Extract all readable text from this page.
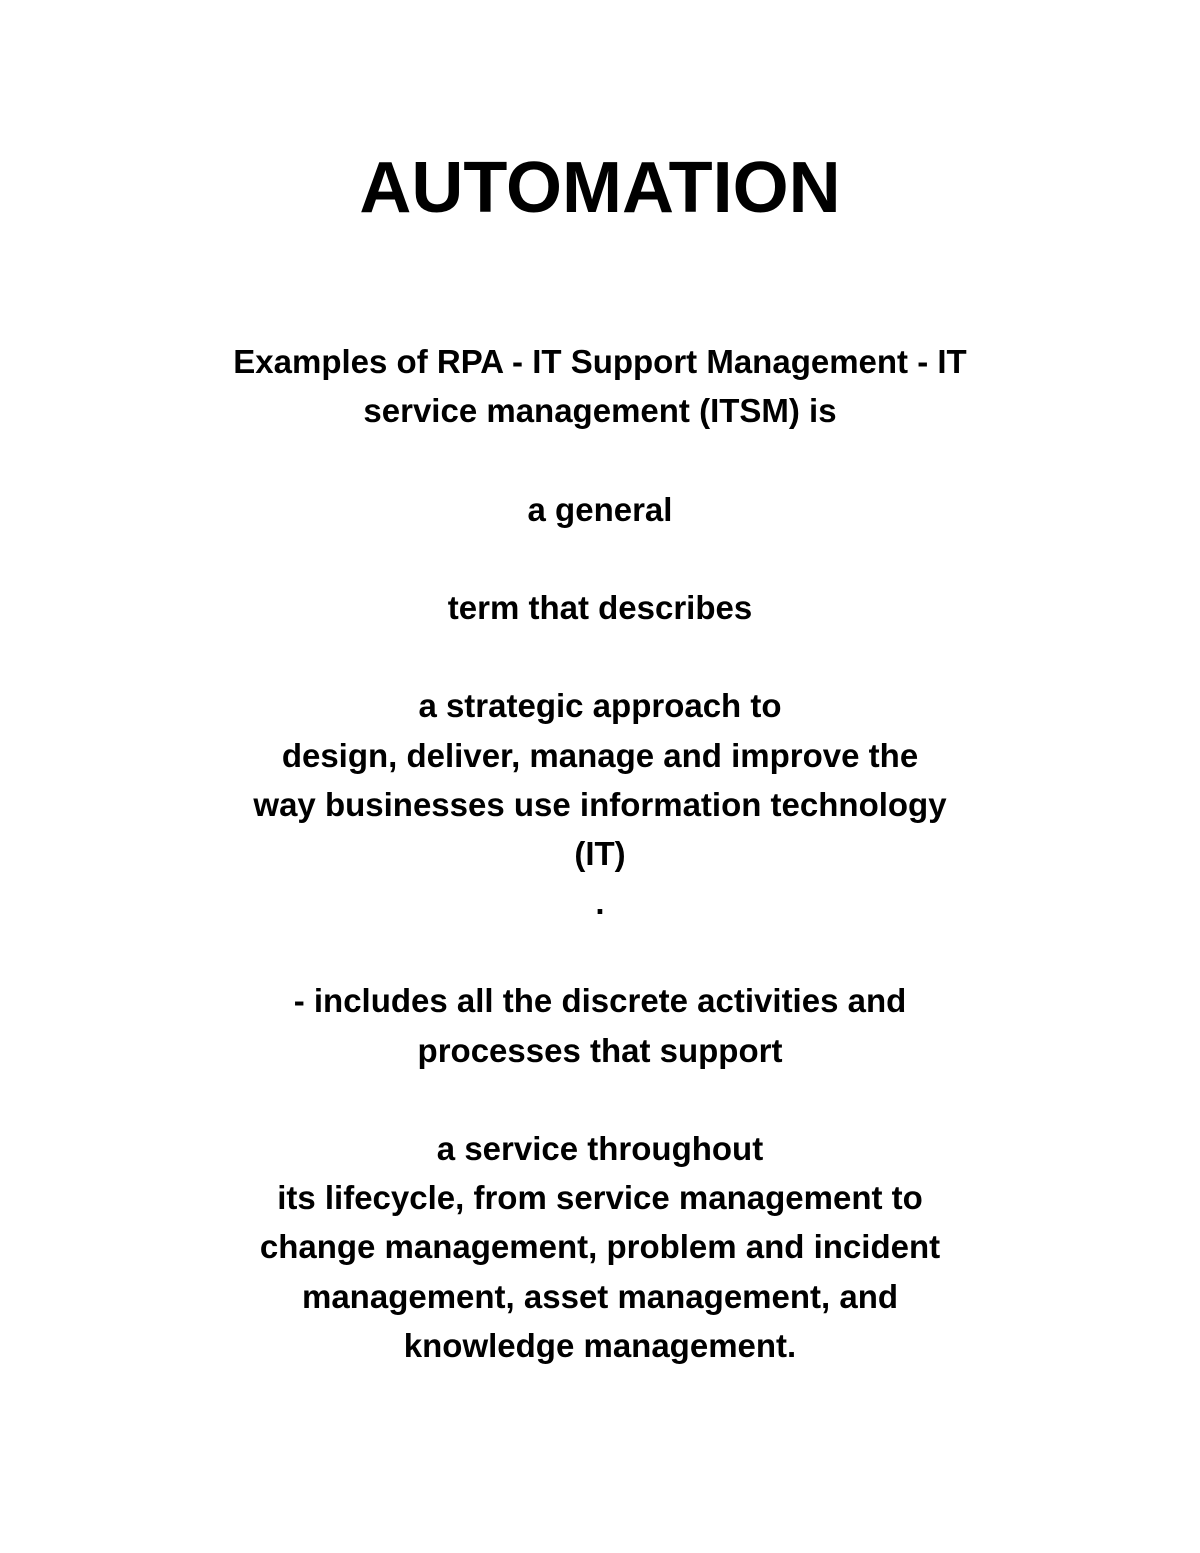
AUTOMATION
Examples of RPA - IT Support Management - IT
service management (ITSM) is
a general
term that describes
a strategic approach to
design, deliver, manage and improve the
way businesses use information technology
(IT)
.
- includes all the discrete activities and
processes that support
a service throughout
its lifecycle, from service management to
change management, problem and incident
management, asset management, and
knowledge management.
